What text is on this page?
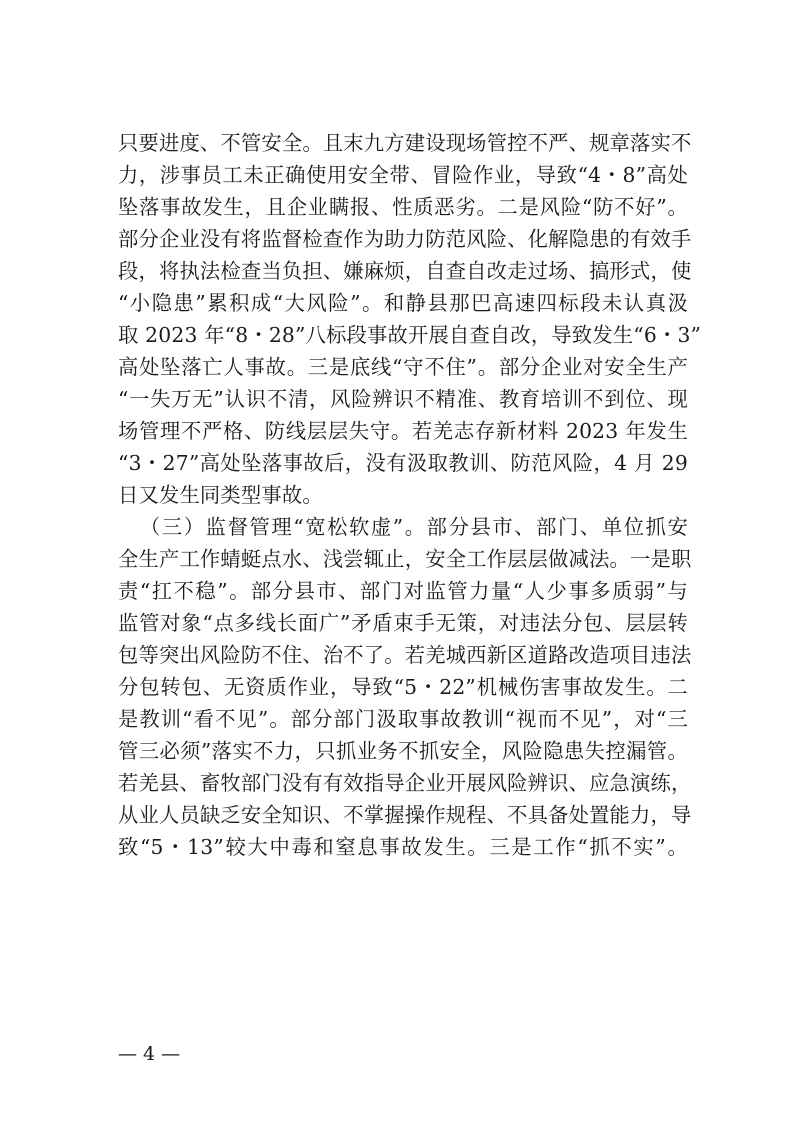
只要进度、不管安全。且末九方建设现场管控不严、规章落实不
力，涉事员工未正确使用安全带、冒险作业，导致“4・8”高处
坠落事故发生，且企业瞒报、性质恶劣。二是风险“防不好”。
部分企业没有将监督检查作为助力防范风险、化解隐患的有效手
段，将执法检查当负担、嫌麻烦，自查自改走过场、搞形式，使
“小隐患”累积成“大风险”。和静县那巴高速四标段未认真汲
取 2023 年“8・28”八标段事故开展自查自改，导致发生“6・3”
高处坠落亡人事故。三是底线“守不住”。部分企业对安全生产
“一失万无”认识不清，风险辨识不精准、教育培训不到位、现
场管理不严格、防线层层失守。若羌志存新材料 2023 年发生
“3・27”高处坠落事故后，没有汲取教训、防范风险，4 月 29
日又发生同类型事故。
（三）监督管理“宽松软虚”。部分县市、部门、单位抓安
全生产工作蜻蜓点水、浅尝辄止，安全工作层层做减法。一是职
责“扛不稳”。部分县市、部门对监管力量“人少事多质弱”与
监管对象“点多线长面广”矛盾束手无策，对违法分包、层层转
包等突出风险防不住、治不了。若羌城西新区道路改造项目违法
分包转包、无资质作业，导致“5・22”机械伤害事故发生。二
是教训“看不见”。部分部门汲取事故教训“视而不见”，对“三
管三必须”落实不力，只抓业务不抓安全，风险隐患失控漏管。
若羌县、畜牧部门没有有效指导企业开展风险辨识、应急演练，
从业人员缺乏安全知识、不掌握操作规程、不具备处置能力，导
致“5・13”较大中毒和窒息事故发生。三是工作“抓不实”。
— 4 —
